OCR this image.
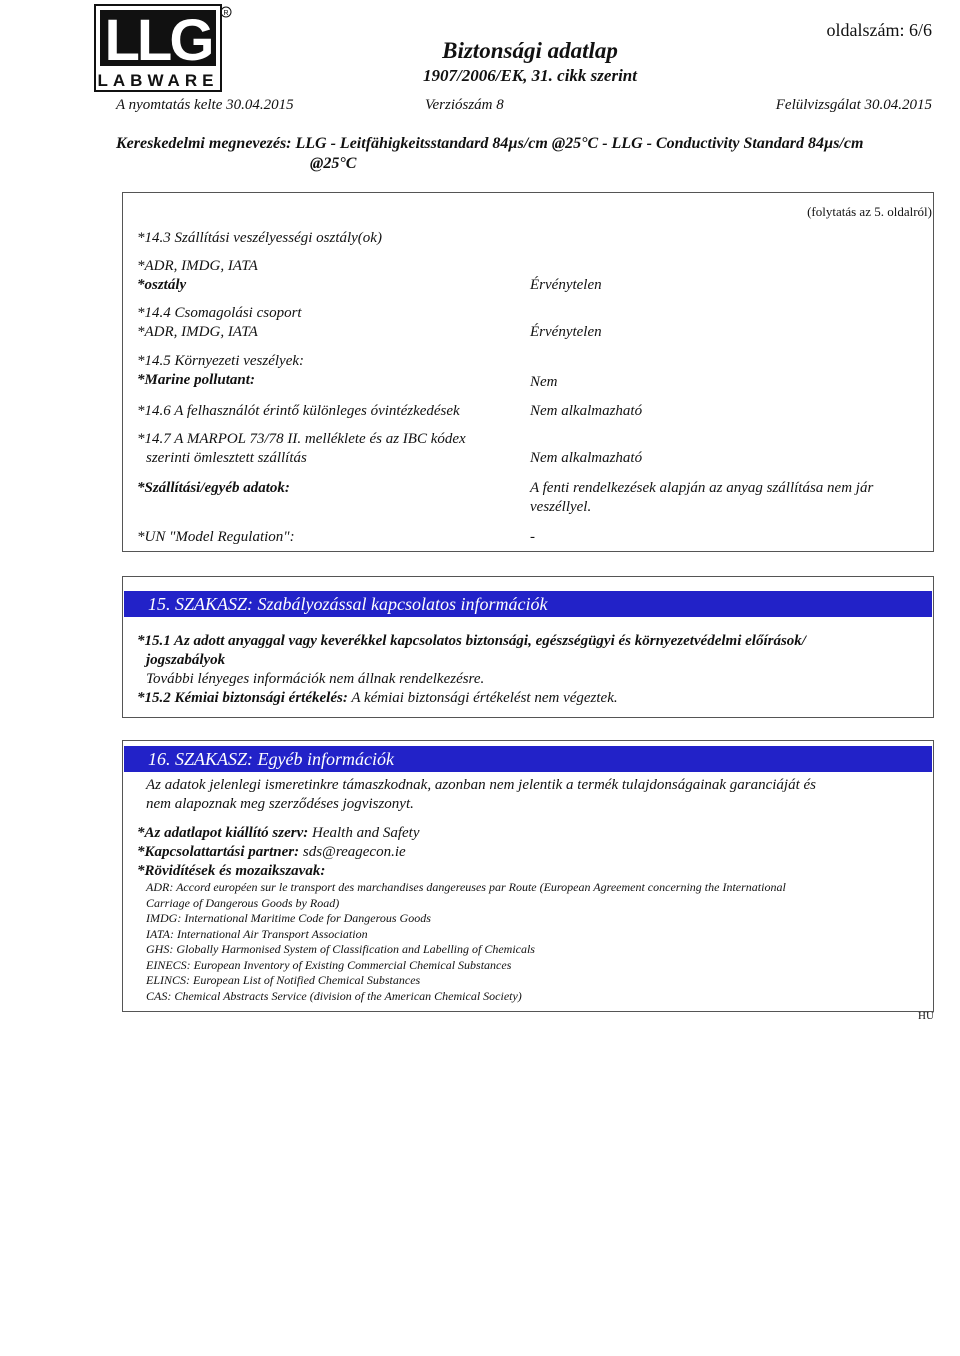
LLG
LABWARE
R
Biztonsági adatlap
1907/2006/EK, 31. cikk szerint
oldalszám: 6/6
A nyomtatás kelte 30.04.2015	Verziószám 8	Felülvizsgálat 30.04.2015
Kereskedelmi megnevezés: LLG - Leitfähigkeitsstandard 84µs/cm @25°C - LLG - Conductivity Standard 84µs/cm
@25°C
(folytatás az 5. oldalról)
*14.3 Szállítási veszélyességi osztály(ok)
*ADR, IMDG, IATA
*osztály	Érvénytelen
*14.4 Csomagolási csoport
*ADR, IMDG, IATA	Érvénytelen
*14.5 Környezeti veszélyek:
*Marine pollutant:	Nem
*14.6 A felhasználót érintő különleges óvintézkedések	Nem alkalmazható
*14.7 A MARPOL 73/78 II. melléklete és az IBC kódex
szerinti ömlesztett szállítás	Nem alkalmazható
*Szállítási/egyéb adatok:	A fenti rendelkezések alapján az anyag szállítása nem jár
veszéllyel.
*UN "Model Regulation":	-
15. SZAKASZ: Szabályozással kapcsolatos információk
*15.1 Az adott anyaggal vagy keverékkel kapcsolatos biztonsági, egészségügyi és környezetvédelmi előírások/
jogszabályok
További lényeges információk nem állnak rendelkezésre.
*15.2 Kémiai biztonsági értékelés: A kémiai biztonsági értékelést nem végeztek.
16. SZAKASZ: Egyéb információk
Az adatok jelenlegi ismeretinkre támaszkodnak, azonban nem jelentik a termék tulajdonságainak garanciáját és
nem alapoznak meg szerződéses jogviszonyt.
*Az adatlapot kiállító szerv: Health and Safety
*Kapcsolattartási partner: sds@reagecon.ie
*Rövidítések és mozaikszavak:
ADR: Accord européen sur le transport des marchandises dangereuses par Route (European Agreement concerning the International
Carriage of Dangerous Goods by Road)
IMDG: International Maritime Code for Dangerous Goods
IATA: International Air Transport Association
GHS: Globally Harmonised System of Classification and Labelling of Chemicals
EINECS: European Inventory of Existing Commercial Chemical Substances
ELINCS: European List of Notified Chemical Substances
CAS: Chemical Abstracts Service (division of the American Chemical Society)
HU
